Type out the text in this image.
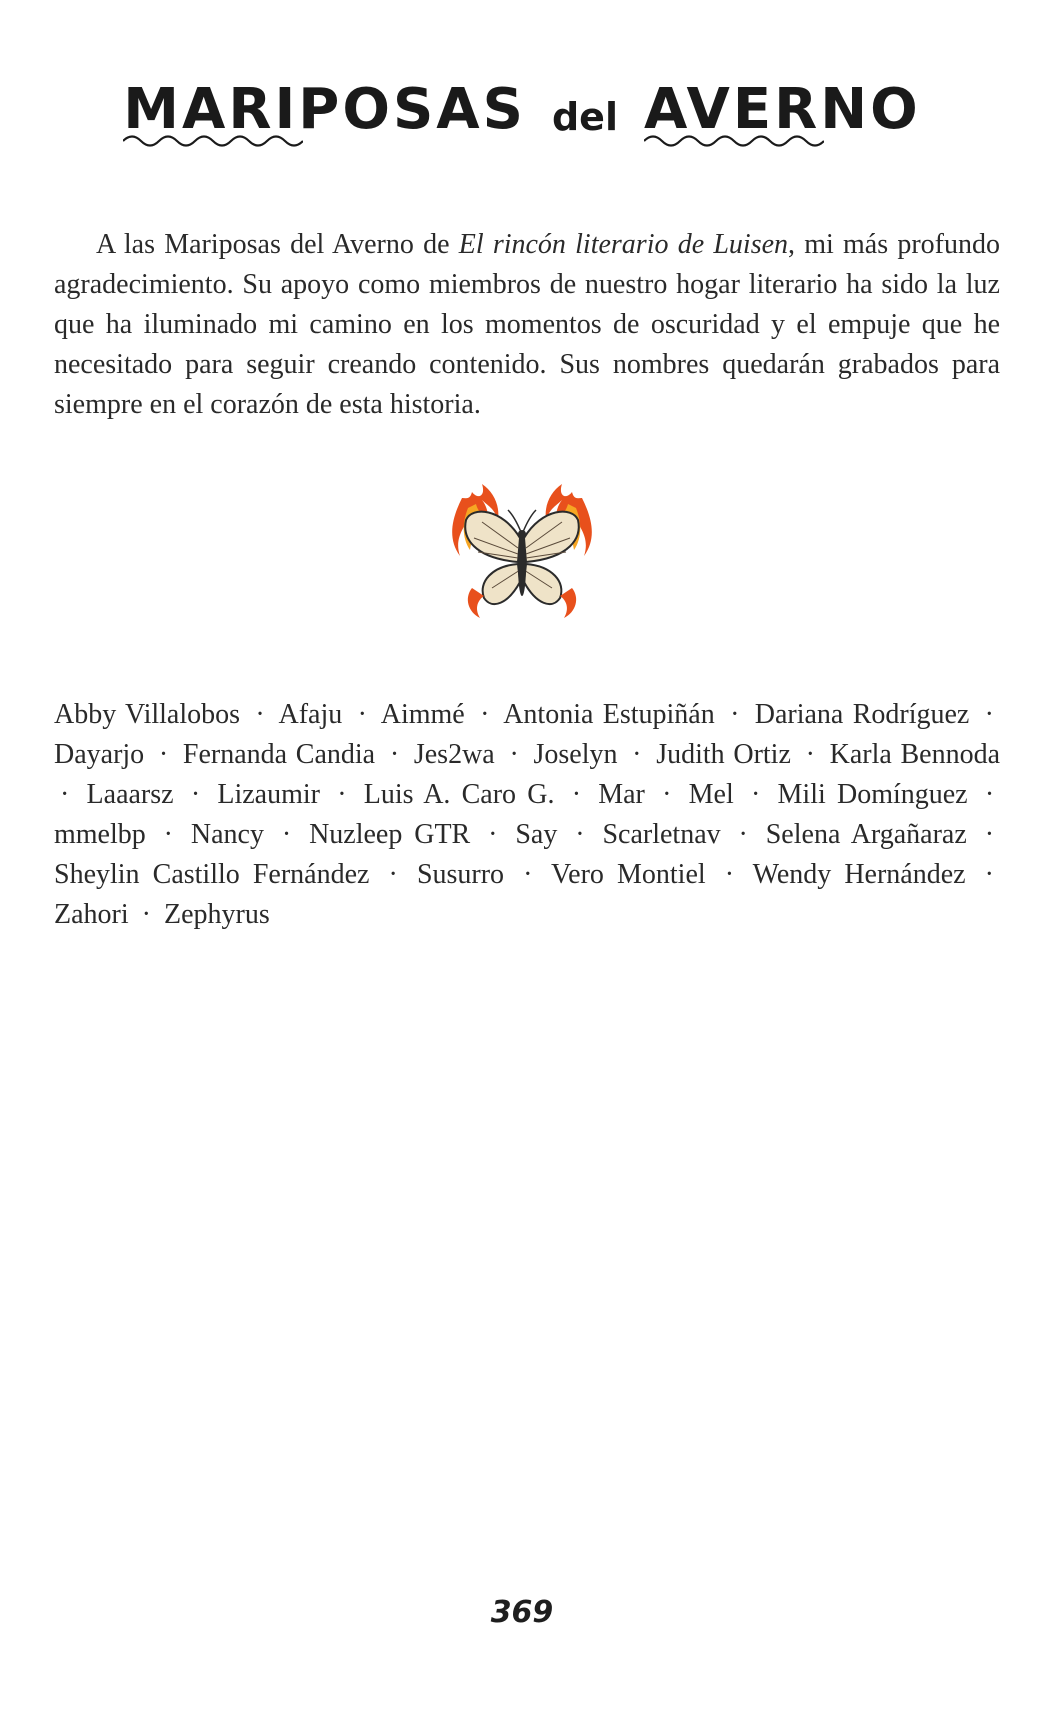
MARIPOSAS del AVERNO

A las Mariposas del Averno de El rincón literario de Luisen, mi más profundo agradecimiento. Su apoyo como miembros de nuestro hogar literario ha sido la luz que ha iluminado mi camino en los momentos de oscuridad y el empuje que he necesitado para seguir creando contenido. Sus nombres quedarán grabados para siempre en el corazón de esta historia.

Abby Villalobos · Afaju · Aimmé · Antonia Estupiñán · Dariana Rodríguez · Dayarjo · Fernanda Candia · Jes2wa · Joselyn · Judith Ortiz · Karla Bennoda · Laaarsz · Lizaumir · Luis A. Caro G. · Mar · Mel · Mili Domínguez · mmelbp · Nancy · Nuzleep GTR · Say · Scarletnav · Selena Argañaraz · Sheylin Castillo Fernández · Susurro · Vero Montiel · Wendy Hernández · Zahori · Zephyrus

369
